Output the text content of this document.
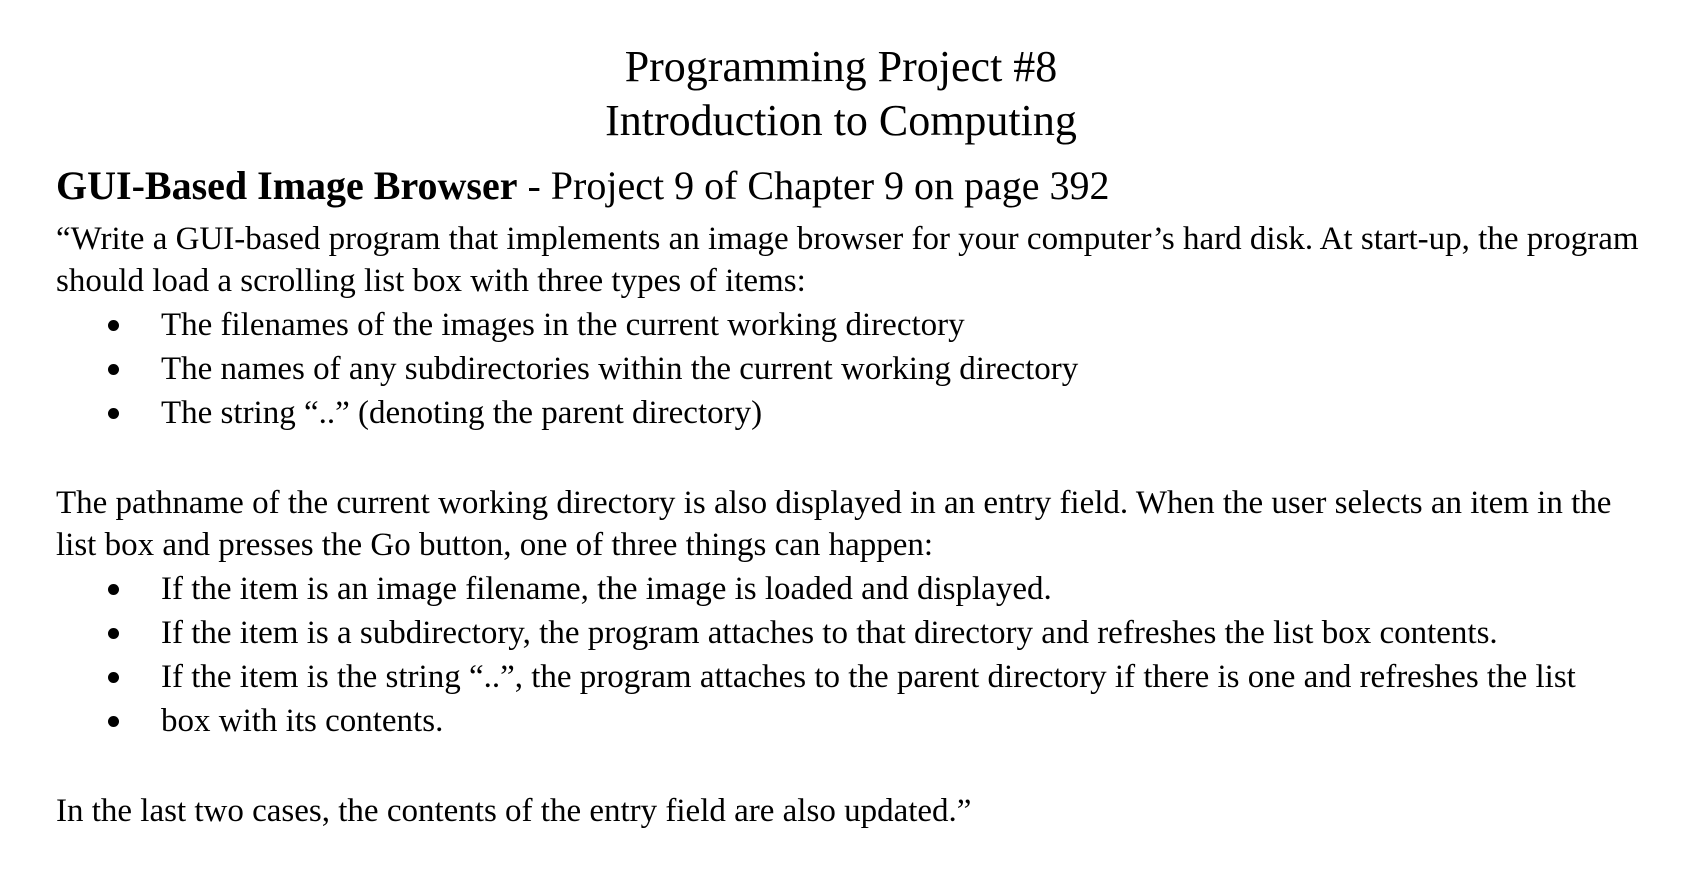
Programming Project #8

Introduction to Computing

GUI-Based Image Browser - Project 9 of Chapter 9 on page 392

“Write a GUI-based program that implements an image browser for your computer’s hard disk. At start-up, the program should load a scrolling list box with three types of items:

The filenames of the images in the current working directory
The names of any subdirectories within the current working directory
The string “..” (denoting the parent directory)

The pathname of the current working directory is also displayed in an entry field. When the user selects an item in the list box and presses the Go button, one of three things can happen:

If the item is an image filename, the image is loaded and displayed.
If the item is a subdirectory, the program attaches to that directory and refreshes the list box contents.
If the item is the string “..”, the program attaches to the parent directory if there is one and refreshes the list
box with its contents.

In the last two cases, the contents of the entry field are also updated.”
